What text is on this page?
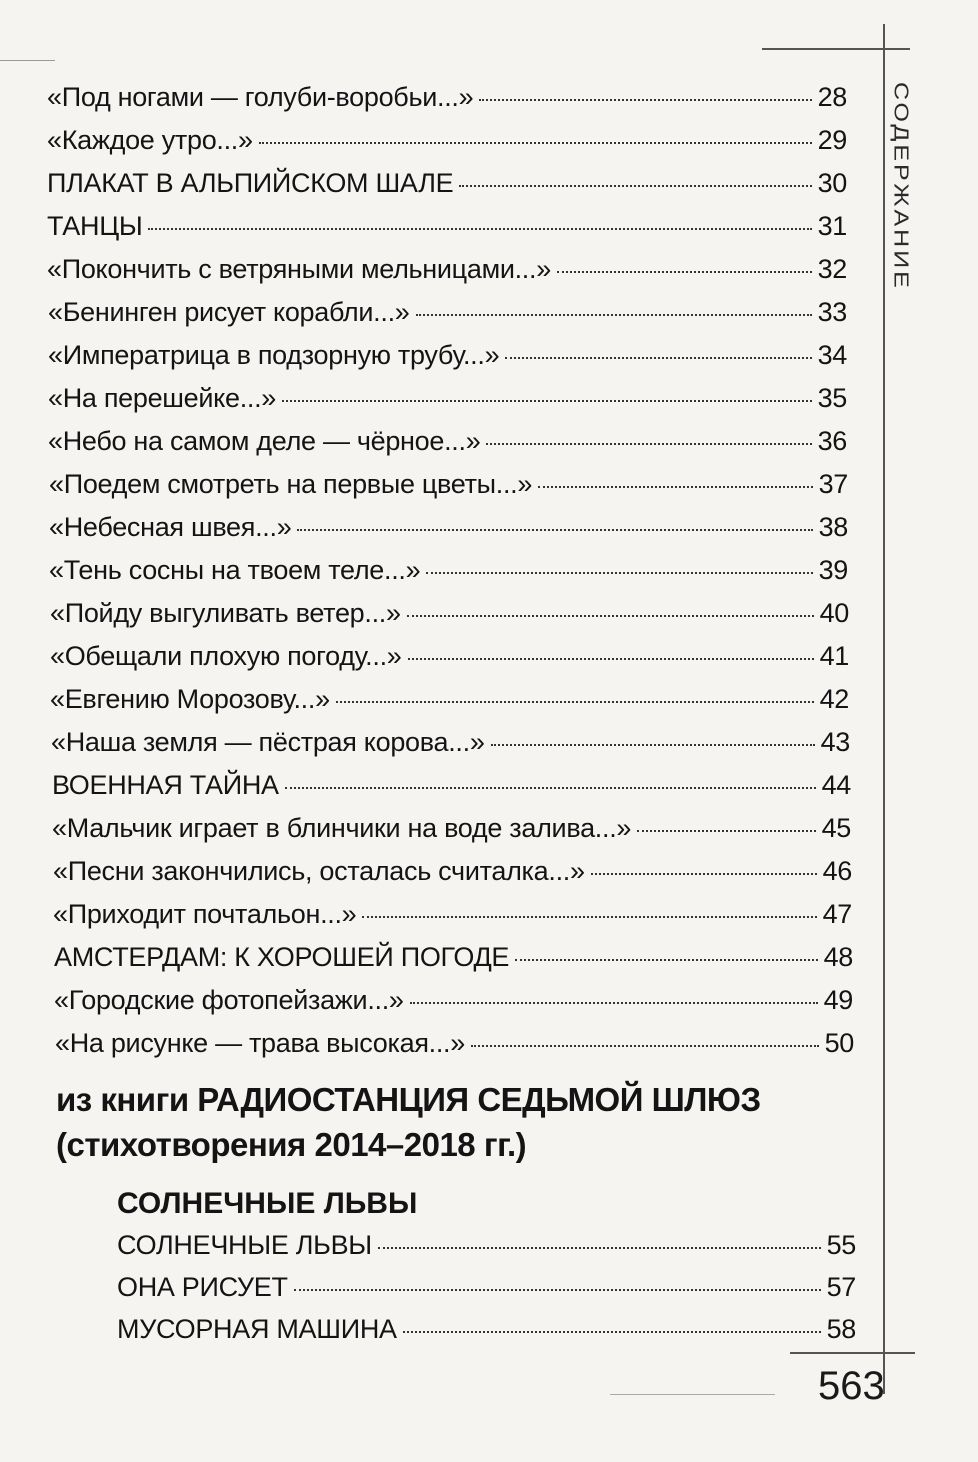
СОДЕРЖАНИЕ
«Под ногами — голуби-воробьи...»	28
«Каждое утро...»	29
ПЛАКАТ В АЛЬПИЙСКОМ ШАЛЕ	30
ТАНЦЫ	31
«Покончить с ветряными мельницами...»	32
«Бенинген рисует корабли...»	33
«Императрица в подзорную трубу...»	34
«На перешейке...»	35
«Небо на самом деле — чёрное...»	36
«Поедем смотреть на первые цветы...»	37
«Небесная швея...»	38
«Тень сосны на твоем теле...»	39
«Пойду выгуливать ветер...»	40
«Обещали плохую погоду...»	41
«Евгению Морозову...»	42
«Наша земля — пёстрая корова...»	43
ВОЕННАЯ ТАЙНА	44
«Мальчик играет в блинчики на воде залива...»	45
«Песни закончились, осталась считалка...»	46
«Приходит почтальон...»	47
АМСТЕРДАМ: К ХОРОШЕЙ ПОГОДЕ	48
«Городские фотопейзажи...»	49
«На рисунке — трава высокая...»	50
из книги РАДИОСТАНЦИЯ СЕДЬМОЙ ШЛЮЗ
(стихотворения 2014–2018 гг.)
СОЛНЕЧНЫЕ ЛЬВЫ
СОЛНЕЧНЫЕ ЛЬВЫ	55
ОНА РИСУЕТ	57
МУСОРНАЯ МАШИНА	58
563
